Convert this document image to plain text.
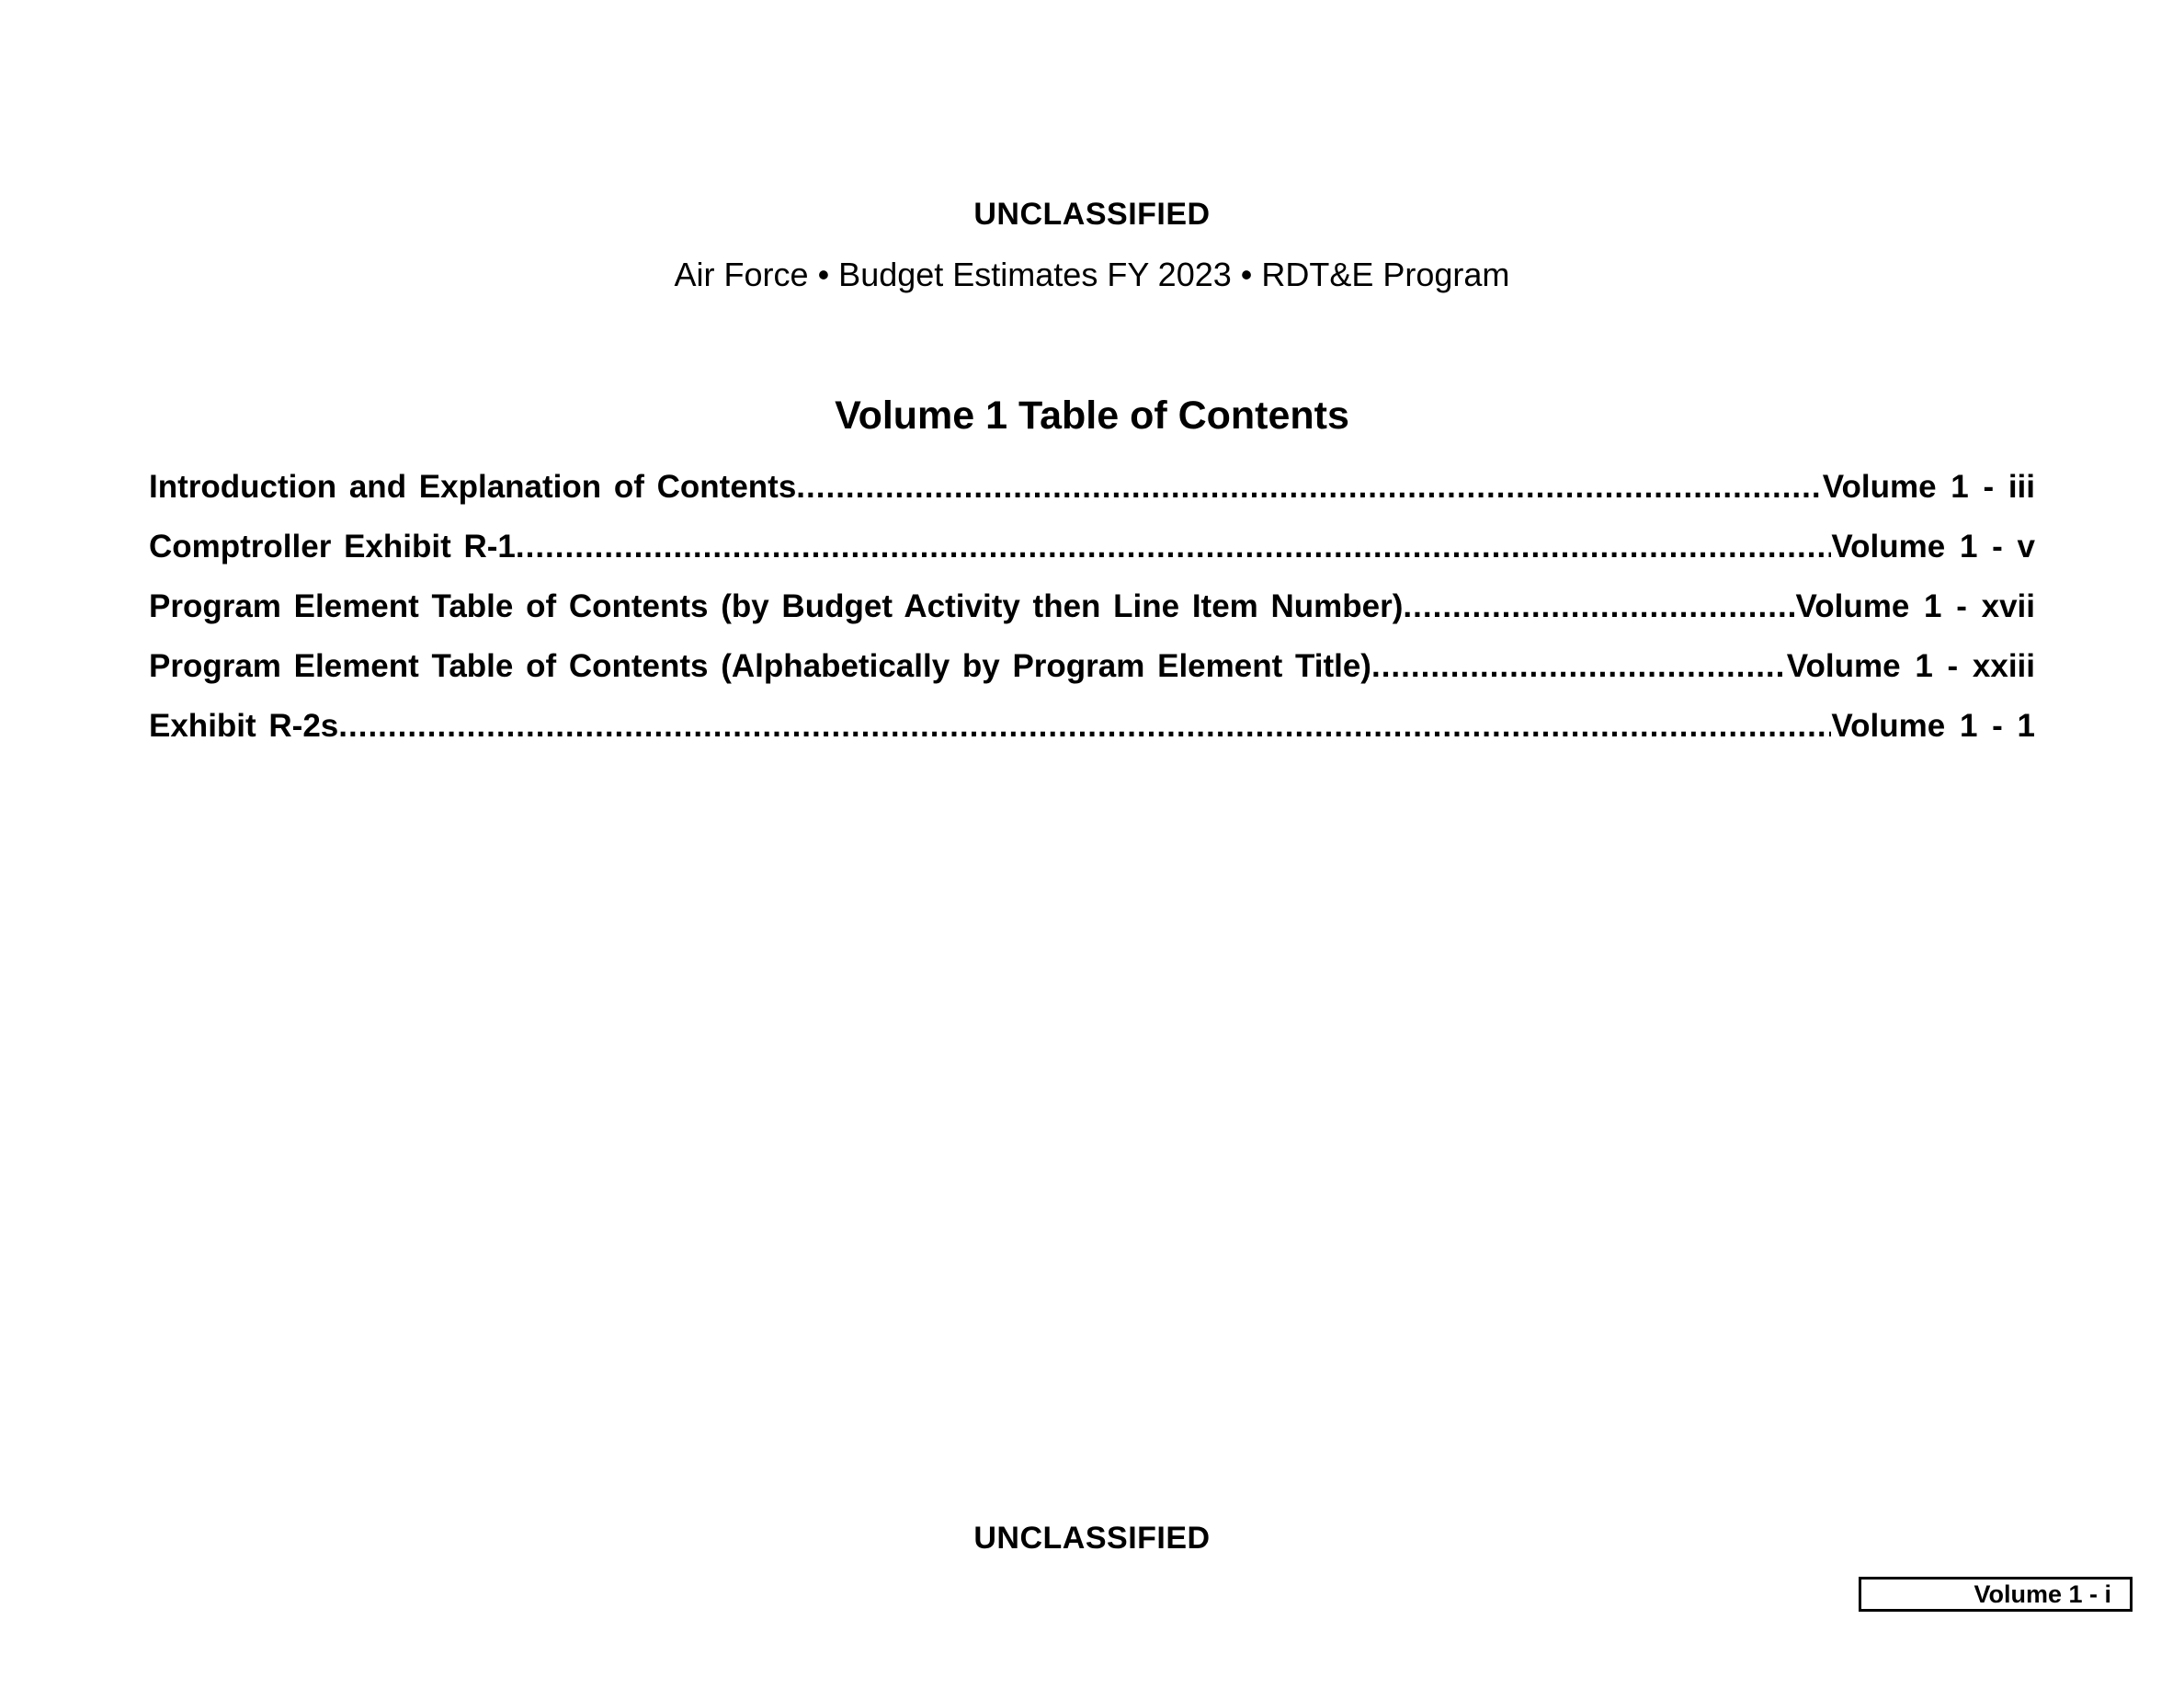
UNCLASSIFIED
Air Force • Budget Estimates FY 2023 • RDT&E Program
Volume 1 Table of Contents
Introduction and Explanation of Contents .....	Volume 1 - iii
Comptroller Exhibit R-1 .....	Volume 1 - v
Program Element Table of Contents (by Budget Activity then Line Item Number) .....	Volume 1 - xvii
Program Element Table of Contents (Alphabetically by Program Element Title) .....	Volume 1 - xxiii
Exhibit R-2s .....	Volume 1 - 1
UNCLASSIFIED
Volume 1 - i
